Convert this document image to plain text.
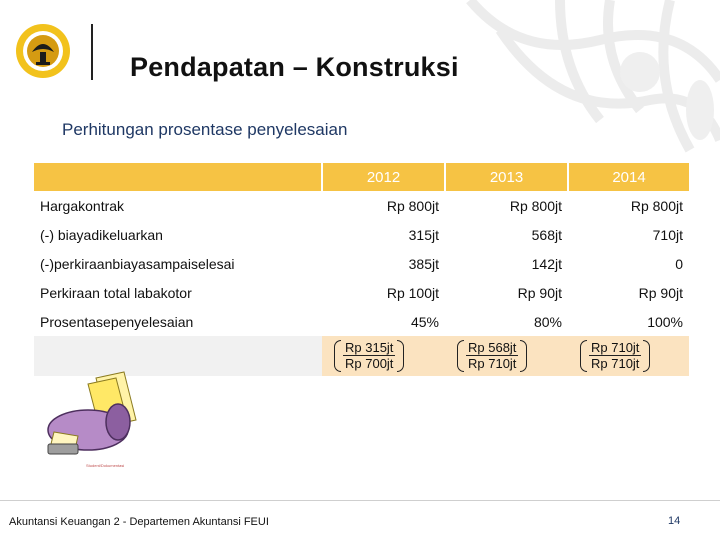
Pendapatan – Konstruksi
Perhitungan prosentase penyelesaian
	2012	2013	2014
Hargakontrak	Rp 800jt	Rp 800jt	Rp 800jt
(-) biayadikeluarkan	315jt	568jt	710jt
(-)perkiraanbiayasampaiselesai	385jt	142jt	0
Perkiraan total labakotor	Rp 100jt	Rp 90jt	Rp 90jt
Prosentasepenyelesaian	45%	80%	100%
	$\frac{Rp 315jt}{Rp 700jt}$	$\frac{Rp 568jt}{Rp 710jt}$	$\frac{Rp 710jt}{Rp 710jt}$
Student/Dokumentasi
Akuntansi Keuangan 2 - Departemen Akuntansi FEUI	14
